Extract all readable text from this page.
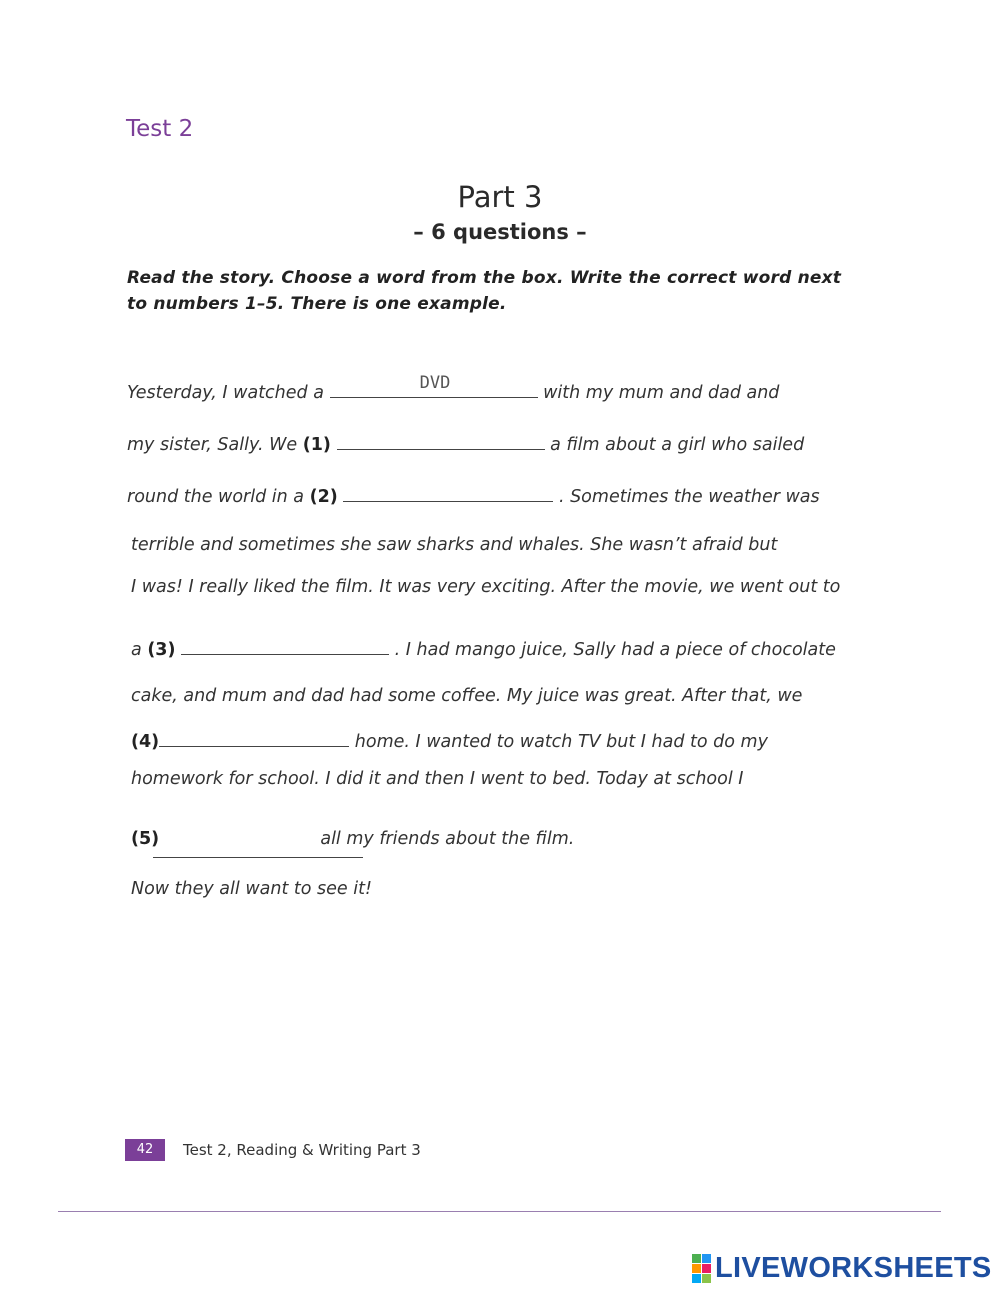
Test 2
Part 3
– 6 questions –
Read the story. Choose a word from the box. Write the correct word next
to numbers 1–5. There is one example.
Yesterday, I watched a	with my mum and dad and
DVD
my sister, Sally. We (1)	a film about a girl who sailed
round the world in a (2)	. Sometimes the weather was
terrible and sometimes she saw sharks and whales. She wasn’t afraid but
I was! I really liked the film. It was very exciting. After the movie, we went out to
a (3)	. I had mango juice, Sally had a piece of chocolate
cake, and mum and dad had some coffee. My juice was great. After that, we
(4)	home. I wanted to watch TV but I had to do my
homework for school. I did it and then I went to bed. Today at school I
(5)	all my friends about the film.
Now they all want to see it!
42	Test 2, Reading & Writing Part 3
LIVEWORKSHEETS
